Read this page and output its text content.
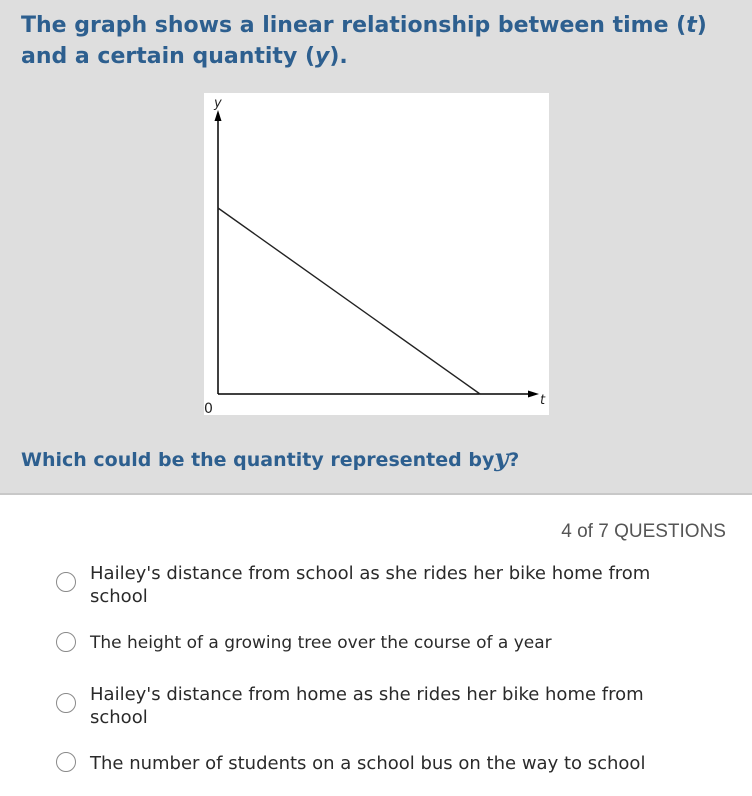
The graph shows a linear relationship between time (t) and a certain quantity (y).

y
t
0

Which could be the quantity represented byy?

4 of 7 QUESTIONS
Hailey's distance from school as she rides her bike home from school
The height of a growing tree over the course of a year
Hailey's distance from home as she rides her bike home from school
The number of students on a school bus on the way to school
